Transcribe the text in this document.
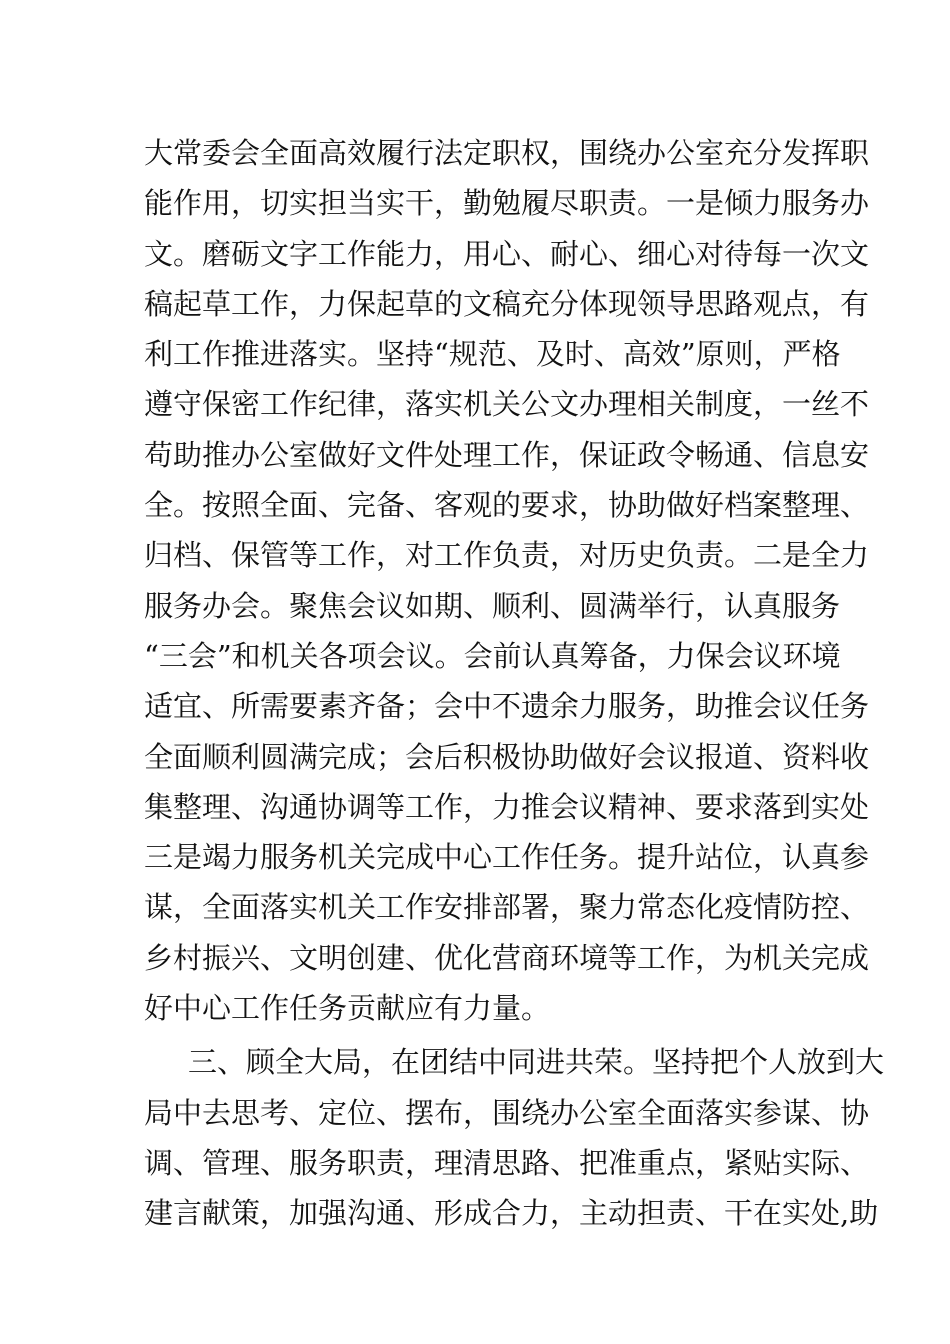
大常委会全面高效履行法定职权，围绕办公室充分发挥职
能作用，切实担当实干，勤勉履尽职责。一是倾力服务办
文。磨砺文字工作能力，用心、耐心、细心对待每一次文
稿起草工作，力保起草的文稿充分体现领导思路观点，有
利工作推进落实。坚持“规范、及时、高效”原则，严格
遵守保密工作纪律，落实机关公文办理相关制度，一丝不
苟助推办公室做好文件处理工作，保证政令畅通、信息安
全。按照全面、完备、客观的要求，协助做好档案整理、
归档、保管等工作，对工作负责，对历史负责。二是全力
服务办会。聚焦会议如期、顺利、圆满举行，认真服务
“三会”和机关各项会议。会前认真筹备，力保会议环境
适宜、所需要素齐备；会中不遗余力服务，助推会议任务
全面顺利圆满完成；会后积极协助做好会议报道、资料收
集整理、沟通协调等工作，力推会议精神、要求落到实处
三是竭力服务机关完成中心工作任务。提升站位，认真参
谋，全面落实机关工作安排部署，聚力常态化疫情防控、
乡村振兴、文明创建、优化营商环境等工作，为机关完成
好中心工作任务贡献应有力量。
三、顾全大局，在团结中同进共荣。坚持把个人放到大
局中去思考、定位、摆布，围绕办公室全面落实参谋、协
调、管理、服务职责，理清思路、把准重点，紧贴实际、
建言献策，加强沟通、形成合力，主动担责、干在实处,助
